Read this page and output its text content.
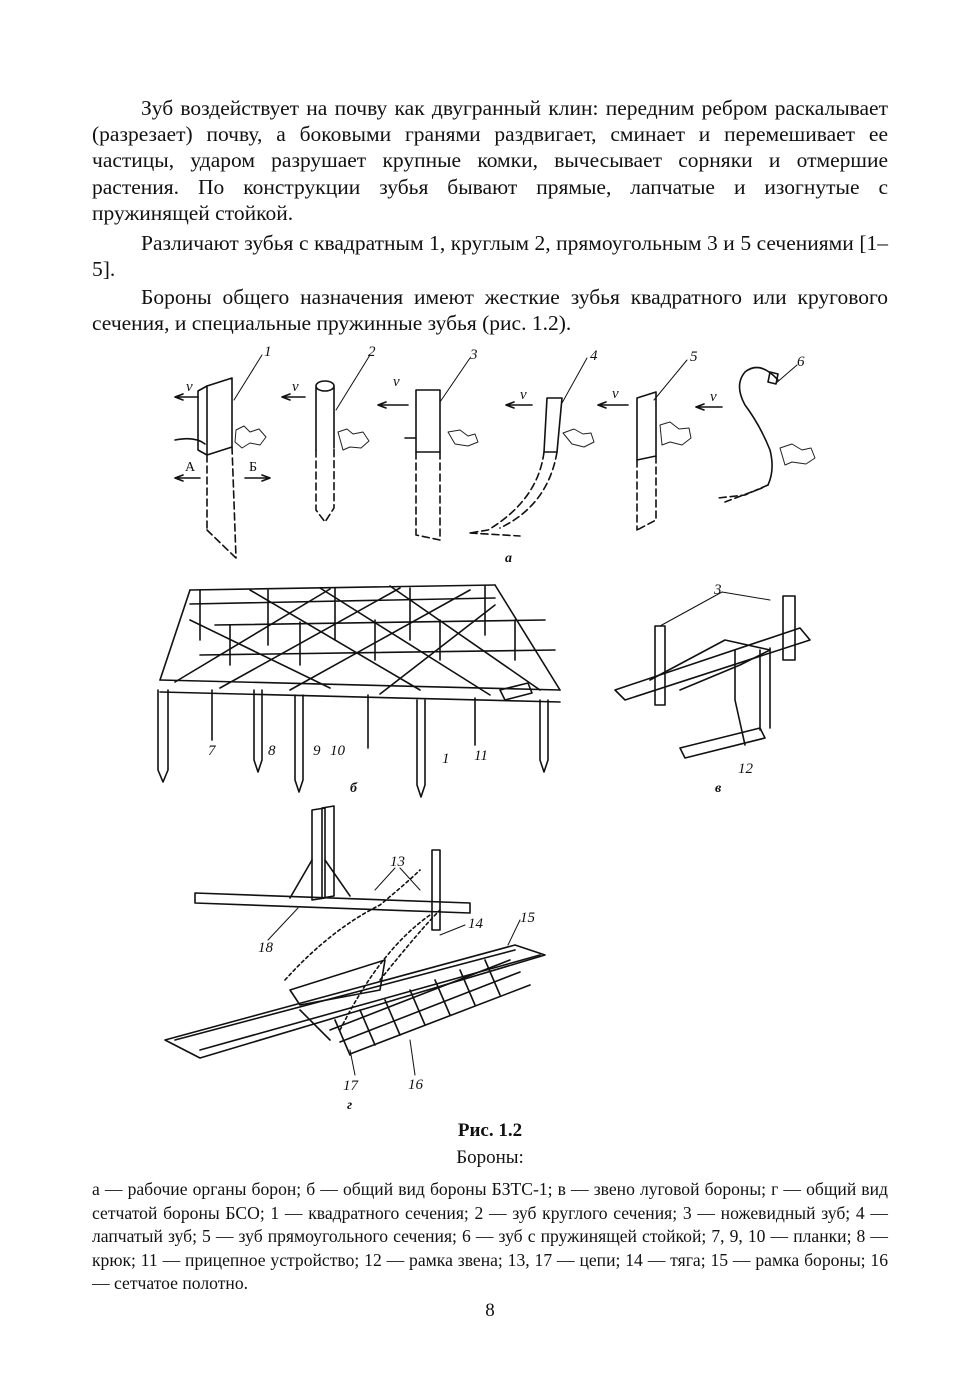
Зуб воздействует на почву как двугранный клин: передним ребром раскалывает (разрезает) почву, а боковыми гранями раздвигает, сминает и перемешивает ее частицы, ударом разрушает крупные комки, вычесывает сорняки и отмершие растения. По конструкции зубья бывают прямые, лапчатые и изогнутые с пружинящей стойкой.

Различают зубья с квадратным 1, круглым 2, прямоугольным 3 и 5 сечениями [1–5].

Бороны общего назначения имеют жесткие зубья квадратного или кругового сечения, и специальные пружинные зубья (рис. 1.2).

1	2	3	4	5	6
v	v	v
v	v	v
А	Б
а
7	8	9 10	1 11
б
3
12
в
13
14 15
18
17	16
г

Рис. 1.2

Бороны:

а — рабочие органы борон; б — общий вид бороны БЗТС-1; в — звено луговой бороны; г — общий вид сетчатой бороны БСО; 1 — квадратного сечения; 2 — зуб круглого сечения; 3 — ножевидный зуб; 4 — лапчатый зуб; 5 — зуб прямоугольного сечения; 6 — зуб с пружинящей стойкой; 7, 9, 10 — планки; 8 — крюк; 11 — прицепное устройство; 12 — рамка звена; 13, 17 — цепи; 14 — тяга; 15 — рамка бороны; 16 — сетчатое полотно.

8
